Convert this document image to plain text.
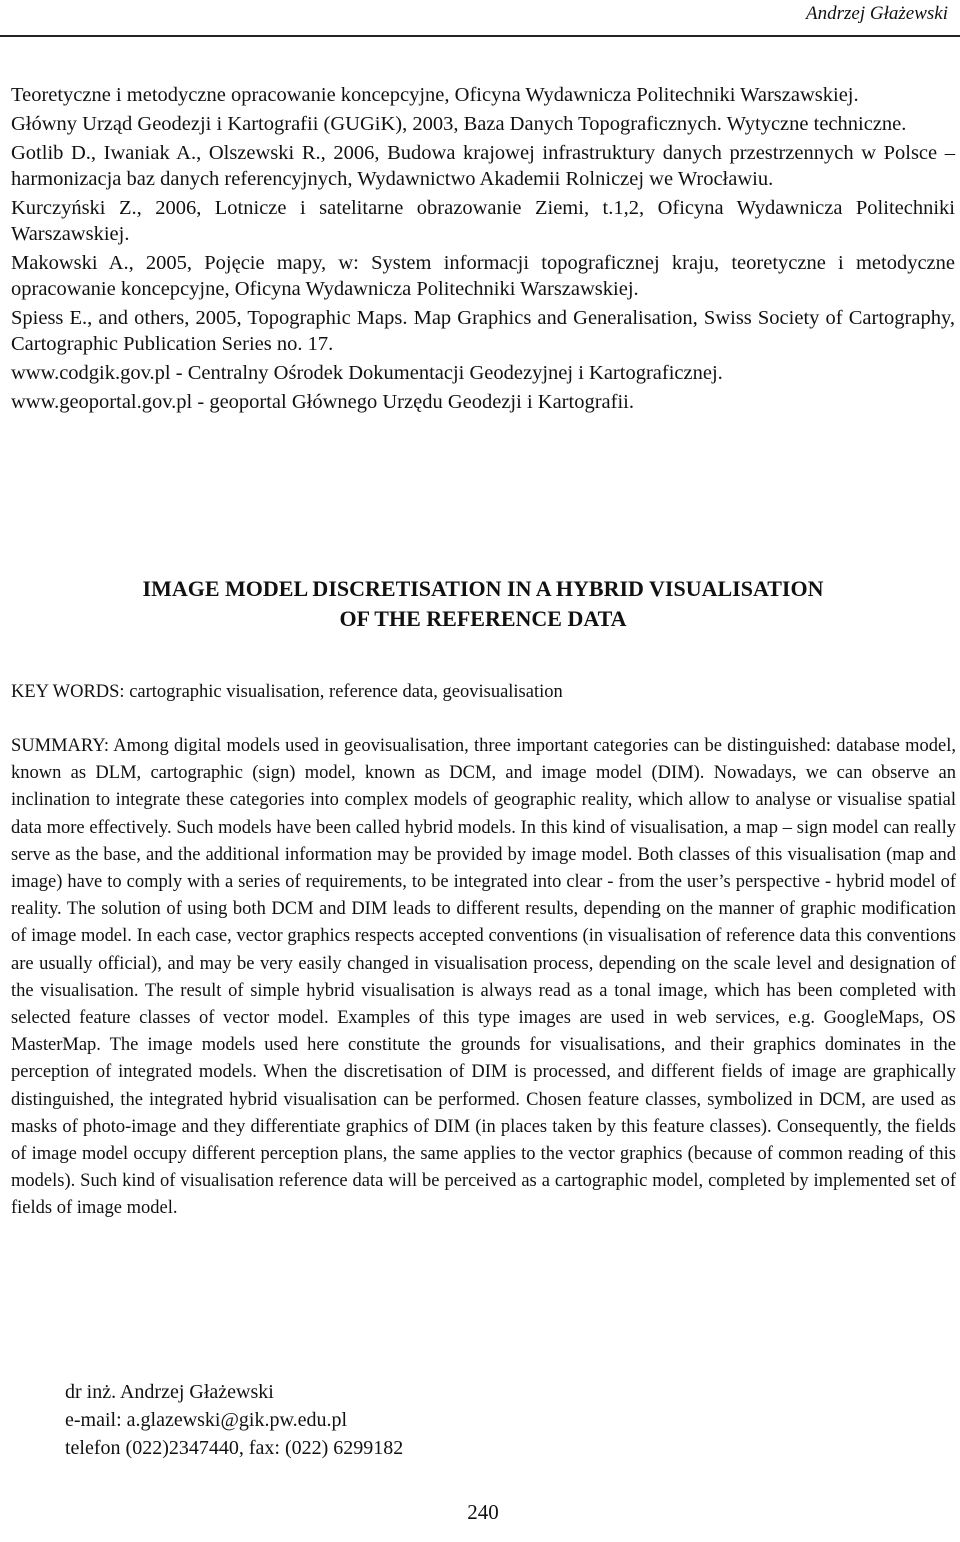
Andrzej Głażewski

Teoretyczne i metodyczne opracowanie koncepcyjne, Oficyna Wydawnicza Politechniki Warszawskiej.

Główny Urząd Geodezji i Kartografii (GUGiK), 2003, Baza Danych Topograficznych. Wytyczne techniczne.

Gotlib D., Iwaniak A., Olszewski R., 2006, Budowa krajowej infrastruktury danych przestrzennych w Polsce – harmonizacja baz danych referencyjnych, Wydawnictwo Akademii Rolniczej we Wrocławiu.

Kurczyński Z., 2006, Lotnicze i satelitarne obrazowanie Ziemi, t.1,2, Oficyna Wydawnicza Politechniki Warszawskiej.

Makowski A., 2005, Pojęcie mapy, w: System informacji topograficznej kraju, teoretyczne i metodyczne opracowanie koncepcyjne, Oficyna Wydawnicza Politechniki Warszawskiej.

Spiess E., and others, 2005, Topographic Maps. Map Graphics and Generalisation, Swiss Society of Cartography, Cartographic Publication Series no. 17.

www.codgik.gov.pl - Centralny Ośrodek Dokumentacji Geodezyjnej i Kartograficznej.

www.geoportal.gov.pl - geoportal Głównego Urzędu Geodezji i Kartografii.

IMAGE MODEL DISCRETISATION IN A HYBRID VISUALISATION
OF THE REFERENCE DATA

KEY WORDS: cartographic visualisation, reference data, geovisualisation

SUMMARY: Among digital models used in geovisualisation, three important categories can be distinguished: database model, known as DLM, cartographic (sign) model, known as DCM, and image model (DIM). Nowadays, we can observe an inclination to integrate these categories into complex models of geographic reality, which allow to analyse or visualise spatial data more effectively. Such models have been called hybrid models. In this kind of visualisation, a map – sign model can really serve as the base, and the additional information may be provided by image model. Both classes of this visualisation (map and image) have to comply with a series of requirements, to be integrated into clear - from the user’s perspective - hybrid model of reality. The solution of using both DCM and DIM leads to different results, depending on the manner of graphic modification of image model. In each case, vector graphics respects accepted conventions (in visualisation of reference data this conventions are usually official), and may be very easily changed in visualisation process, depending on the scale level and designation of the visualisation. The result of simple hybrid visualisation is always read as a tonal image, which has been completed with selected feature classes of vector model. Examples of this type images are used in web services, e.g. GoogleMaps, OS MasterMap. The image models used here constitute the grounds for visualisations, and their graphics dominates in the perception of integrated models. When the discretisation of DIM is processed, and different fields of image are graphically distinguished, the integrated hybrid visualisation can be performed. Chosen feature classes, symbolized in DCM, are used as masks of photo-image and they differentiate graphics of DIM (in places taken by this feature classes). Consequently, the fields of image model occupy different perception plans, the same applies to the vector graphics (because of common reading of this models). Such kind of visualisation reference data will be perceived as a cartographic model, completed by implemented set of fields of image model.

dr inż. Andrzej Głażewski
e-mail: a.glazewski@gik.pw.edu.pl
telefon (022)2347440, fax: (022) 6299182
240
